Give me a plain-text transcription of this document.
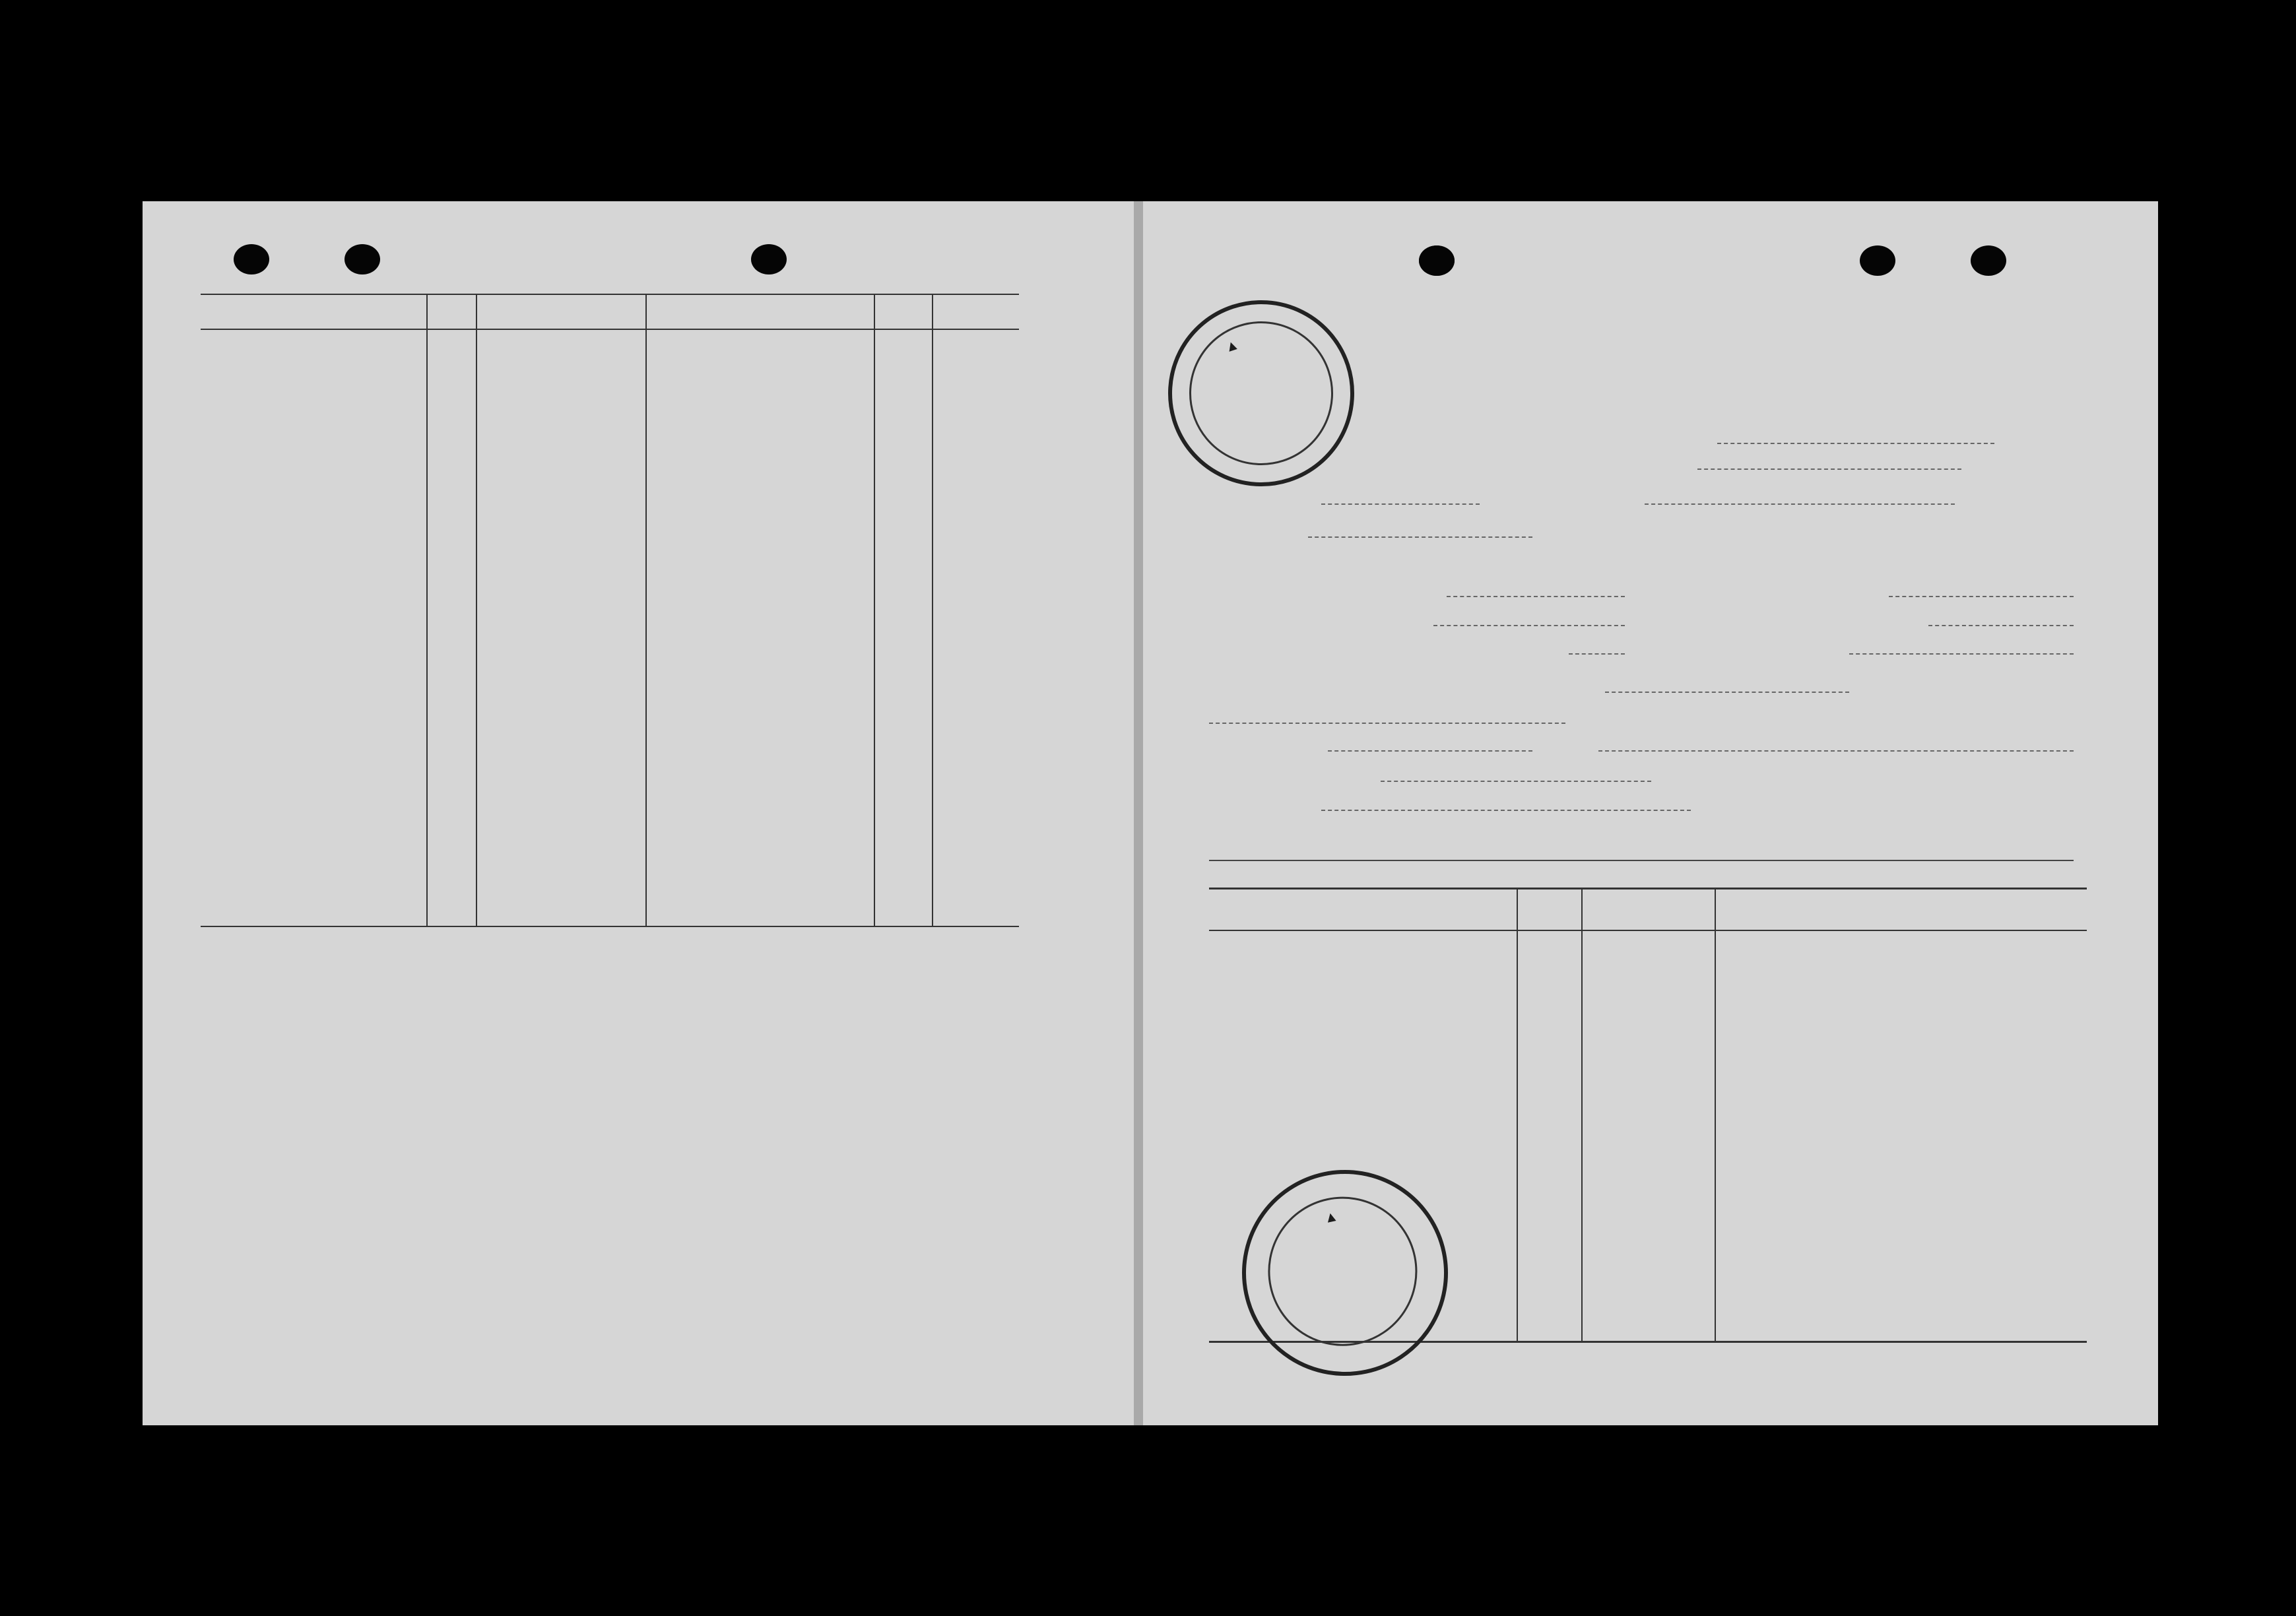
▲
▲
